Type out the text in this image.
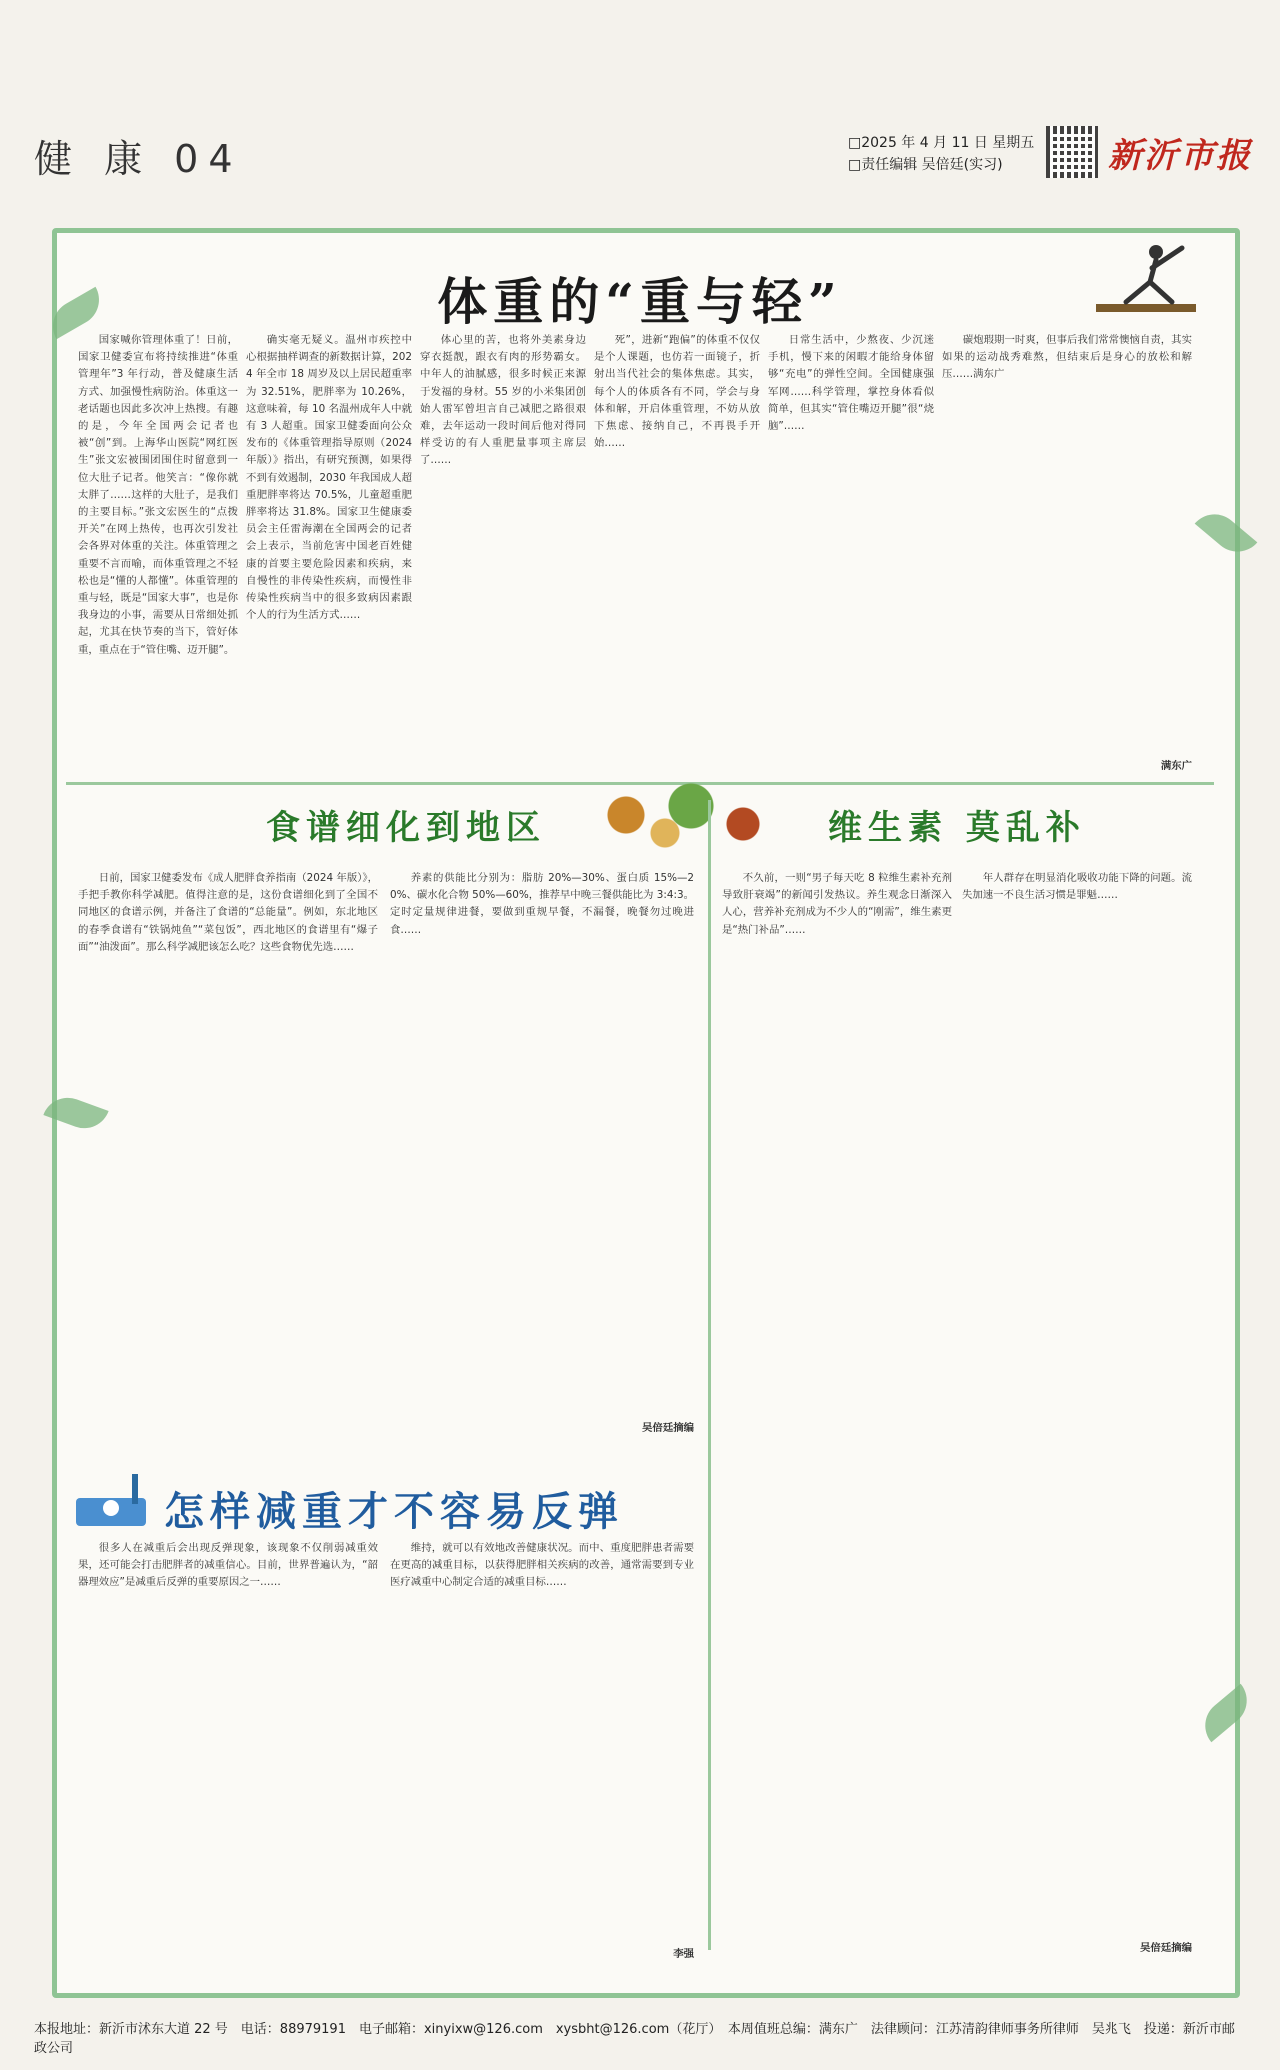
健 康 04	□2025 年 4 月 11 日 星期五
□责任编辑 吴倍廷(实习)	新沂市报
体重的“重与轻”

国家喊你管理体重了！日前，国家卫健委宣布将持续推进“体重管理年”3 年行动，普及健康生活方式、加强慢性病防治。体重这一老话题也因此多次冲上热搜。有趣的是，今年全国两会记者也被“创”到。上海华山医院“网红医生”张文宏被围团围住时留意到一位大肚子记者。他笑言：“像你就太胖了……这样的大肚子，是我们的主要目标。”张文宏医生的“点拨开关”在网上热传，也再次引发社会各界对体重的关注。体重管理之重要不言而喻，而体重管理之不轻松也是“懂的人都懂”。体重管理的重与轻，既是“国家大事”，也是你我身边的小事，需要从日常细处抓起，尤其在快节奏的当下，管好体重，重点在于“管住嘴、迈开腿”。

确实毫无疑义。温州市疾控中心根据抽样调查的新数据计算，2024 年全市 18 周岁及以上居民超重率为 32.51%，肥胖率为 10.26%，这意味着，每 10 名温州成年人中就有 3 人超重。国家卫健委面向公众发布的《体重管理指导原则（2024 年版）》指出，有研究预测，如果得不到有效遏制，2030 年我国成人超重肥胖率将达 70.5%，儿童超重肥胖率将达 31.8%。国家卫生健康委员会主任雷海潮在全国两会的记者会上表示，当前危害中国老百姓健康的首要主要危险因素和疾病，来自慢性的非传染性疾病，而慢性非传染性疾病当中的很多致病因素跟个人的行为生活方式……

体心里的苦，也将外美素身边穿衣挺靓，跟衣有肉的形势霸女。中年人的油腻感，很多时候正来源于发福的身材。55 岁的小米集团创始人雷军曾坦言自己减肥之路很艰难，去年运动一段时间后他对得同样受访的有人重肥量事项主席层了……

死”，进新“跑偏”的体重不仅仅是个人课题，也仿若一面镜子，折射出当代社会的集体焦虑。其实，每个人的体质各有不同，学会与身体和解，开启体重管理，不妨从放下焦虑、接纳自己，不再畏手开始……

日常生活中，少熬夜、少沉迷手机，慢下来的闲暇才能给身体留够“充电”的弹性空间。全国健康强军网……科学管理，掌控身体看似简单，但其实“管住嘴迈开腿”很“烧脑”……

碳炮瑕期一时爽，但事后我们常常懊恼自责，其实如果的运动战秀难熬，但结束后是身心的放松和解压……满东广

满东广
食谱细化到地区

日前，国家卫健委发布《成人肥胖食养指南（2024 年版）》，手把手教你科学减肥。值得注意的是，这份食谱细化到了全国不同地区的食谱示例，并备注了食谱的“总能量”。例如，东北地区的春季食谱有“铁锅炖鱼”“菜包饭”，西北地区的食谱里有“爆子面”“油泼面”。那么科学减肥该怎么吃？这些食物优先选……

养素的供能比分别为：脂肪 20%—30%、蛋白质 15%—20%、碳水化合物 50%—60%，推荐早中晚三餐供能比为 3:4:3。定时定量规律进餐，要做到重规早餐，不漏餐，晚餐勿过晚进食……

吴倍廷摘编
维生素 莫乱补

不久前，一则“男子每天吃 8 粒维生素补充剂导致肝衰竭”的新闻引发热议。养生观念日渐深入人心，营养补充剂成为不少人的“刚需”，维生素更是“热门补品”……

年人群存在明显消化吸收功能下降的问题。流失加速一不良生活习惯是罪魁……

吴倍廷摘编
怎样减重才不容易反弹

很多人在减重后会出现反弹现象，该现象不仅削弱减重效果，还可能会打击肥胖者的减重信心。目前，世界普遍认为，“韶器理效应”是减重后反弹的重要原因之一……

维持，就可以有效地改善健康状况。而中、重度肥胖患者需要在更高的减重目标，以获得肥胖相关疾病的改善，通常需要到专业医疗减重中心制定合适的减重目标……

李强
本报地址：新沂市沭东大道 22 号　电话：88979191　电子邮箱：xinyixw@126.com　xysbht@126.com（花厅）　本周值班总编：满东广　法律顾问：江苏清韵律师事务所律师　吴兆飞　投递：新沂市邮政公司
